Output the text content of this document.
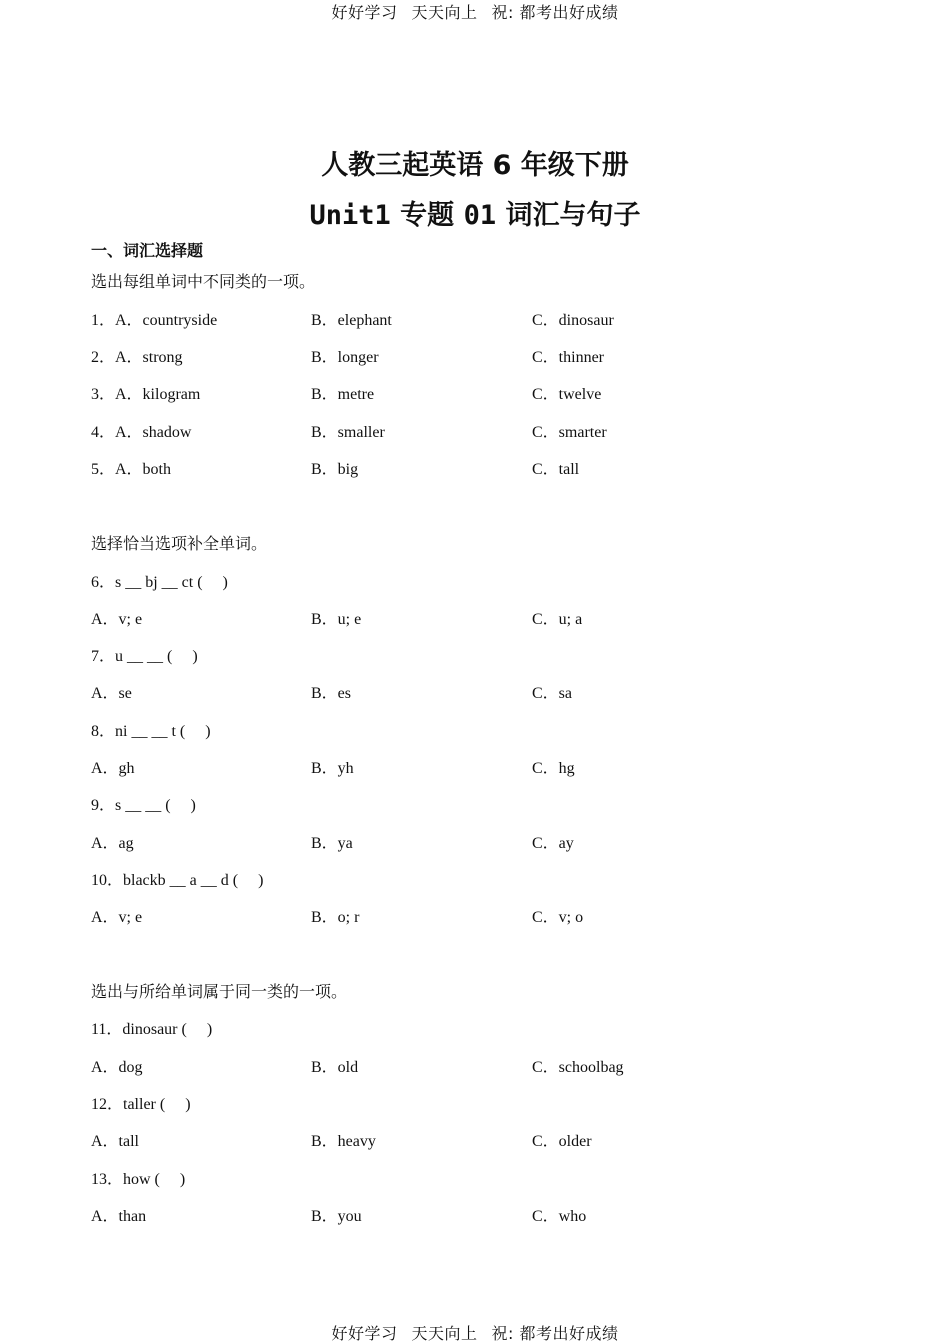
好好学习 天天向上 祝: 都考出好成绩
人教三起英语 6 年级下册
Unit1 专题 01 词汇与句子
一、词汇选择题
选出每组单词中不同类的一项。
1．A．countryside	B．elephant	C．dinosaur
2．A．strong	B．longer	C．thinner
3．A．kilogram	B．metre	C．twelve
4．A．shadow	B．smaller	C．smarter
5．A．both	B．big	C．tall
选择恰当选项补全单词。
6．s __ bj __ ct (     )
A．v; e	B．u; e	C．u; a
7．u __ __ (     )
A．se	B．es	C．sa
8．ni __ __ t (     )
A．gh	B．yh	C．hg
9．s __ __ (     )
A．ag	B．ya	C．ay
10．blackb __ a __ d (     )
A．v; e	B．o; r	C．v; o
选出与所给单词属于同一类的一项。
11．dinosaur (     )
A．dog	B．old	C．schoolbag
12．taller (     )
A．tall	B．heavy	C．older
13．how (     )
A．than	B．you	C．who
好好学习 天天向上 祝: 都考出好成绩
